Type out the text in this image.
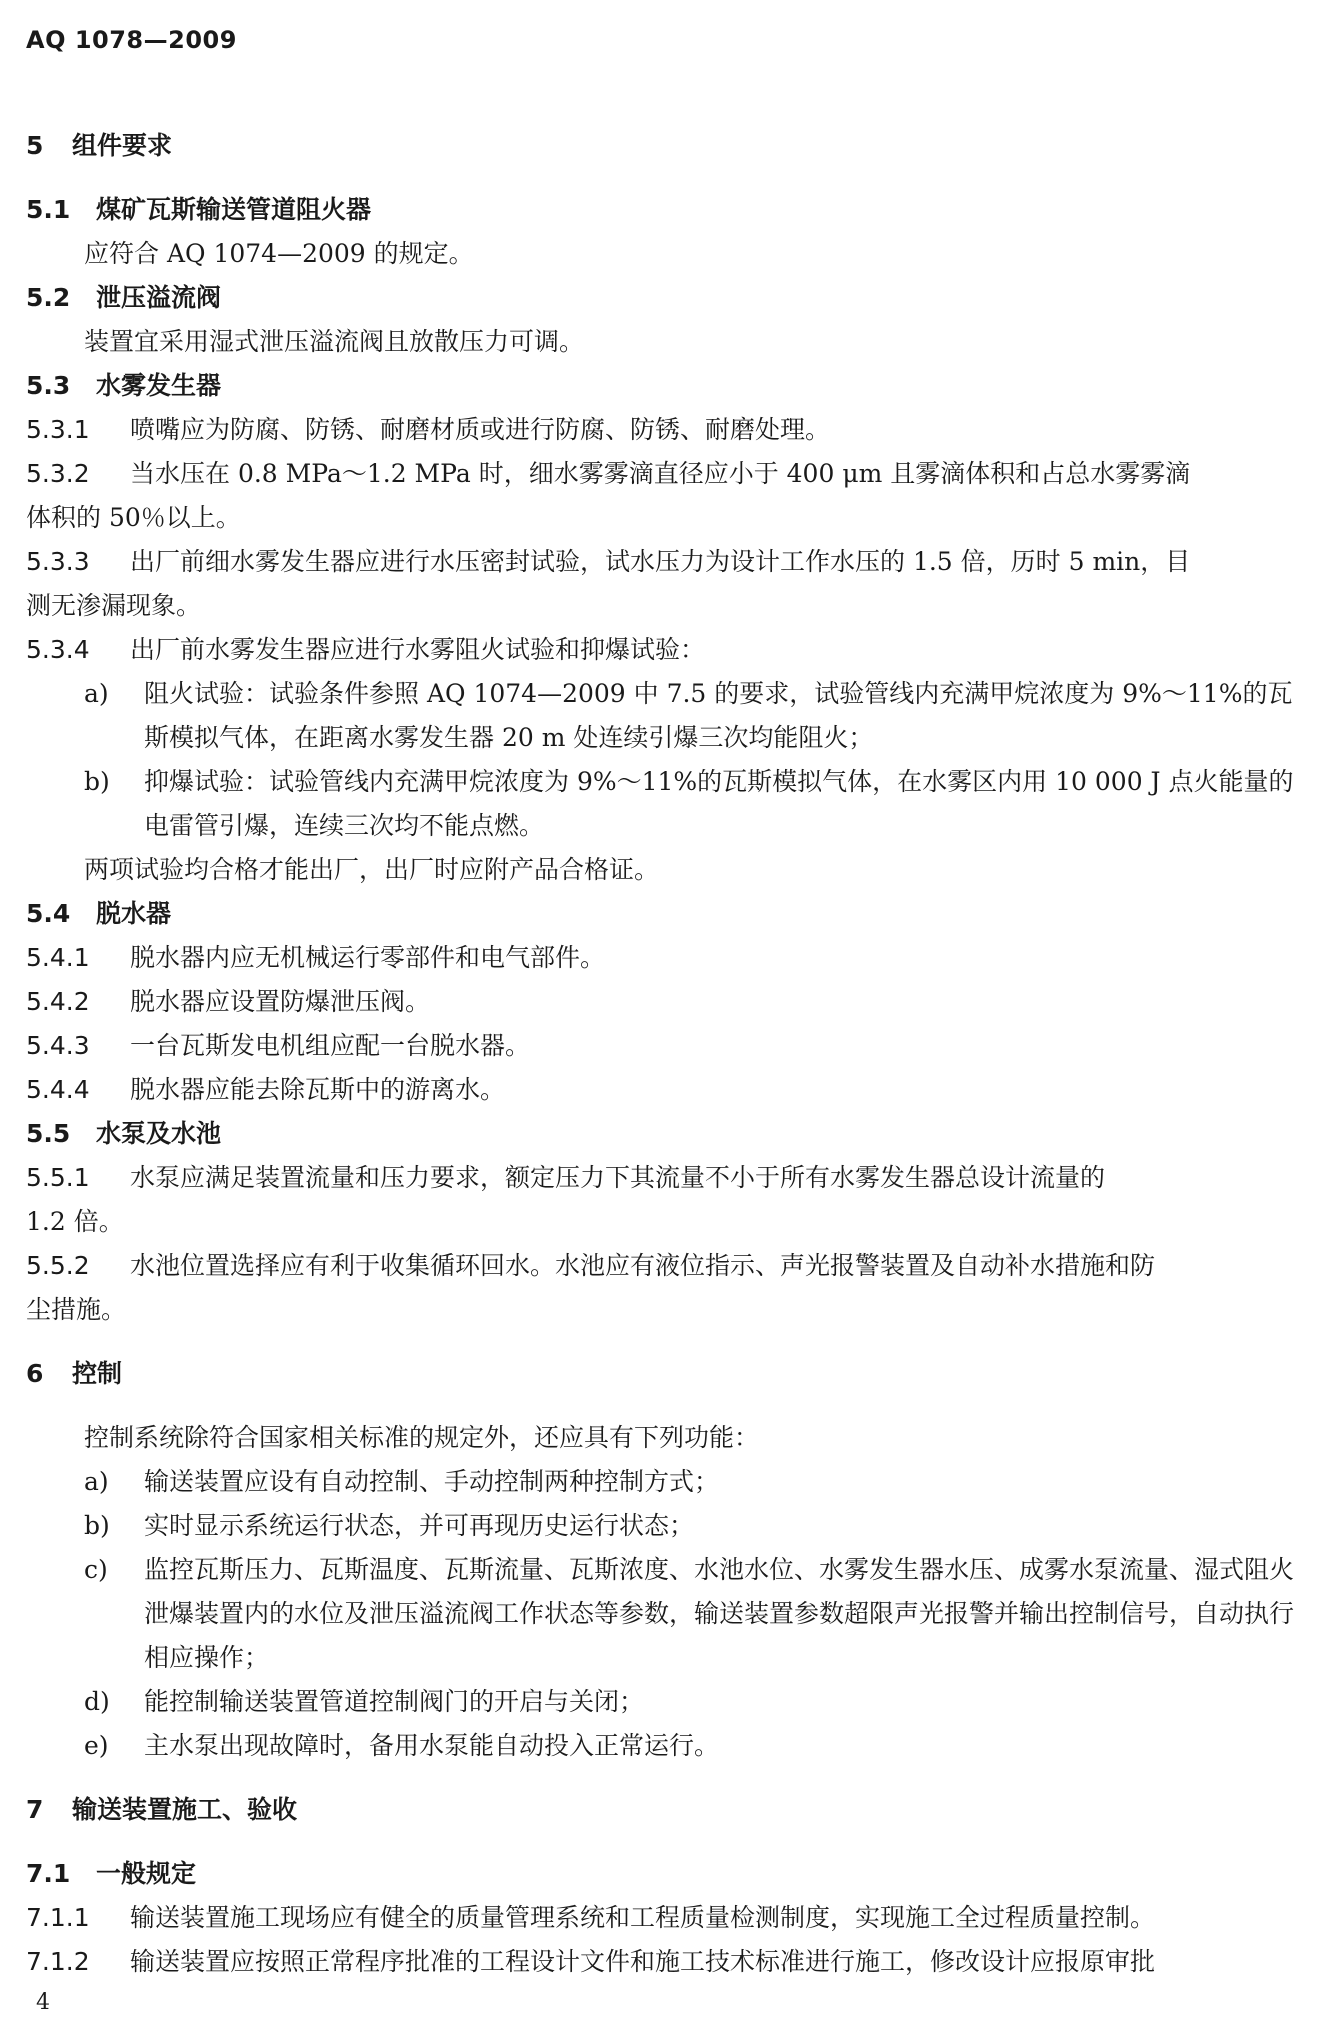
AQ 1078—2009
5 组件要求
5.1 煤矿瓦斯输送管道阻火器
应符合 AQ 1074—2009 的规定。
5.2 泄压溢流阀
装置宜采用湿式泄压溢流阀且放散压力可调。
5.3 水雾发生器
5.3.1 喷嘴应为防腐、防锈、耐磨材质或进行防腐、防锈、耐磨处理。
5.3.2 当水压在 0.8 MPa～1.2 MPa 时，细水雾雾滴直径应小于 400 μm 且雾滴体积和占总水雾雾滴
体积的 50％以上。
5.3.3 出厂前细水雾发生器应进行水压密封试验，试水压力为设计工作水压的 1.5 倍，历时 5 min，目
测无渗漏现象。
5.3.4 出厂前水雾发生器应进行水雾阻火试验和抑爆试验：
a)	阻火试验：试验条件参照 AQ 1074—2009 中 7.5 的要求，试验管线内充满甲烷浓度为 9%～11%的瓦斯模拟气体，在距离水雾发生器 20 m 处连续引爆三次均能阻火；
b)	抑爆试验：试验管线内充满甲烷浓度为 9%～11%的瓦斯模拟气体，在水雾区内用 10 000 J 点火能量的电雷管引爆，连续三次均不能点燃。
两项试验均合格才能出厂，出厂时应附产品合格证。
5.4 脱水器
5.4.1 脱水器内应无机械运行零部件和电气部件。
5.4.2 脱水器应设置防爆泄压阀。
5.4.3 一台瓦斯发电机组应配一台脱水器。
5.4.4 脱水器应能去除瓦斯中的游离水。
5.5 水泵及水池
5.5.1 水泵应满足装置流量和压力要求，额定压力下其流量不小于所有水雾发生器总设计流量的
1.2 倍。
5.5.2 水池位置选择应有利于收集循环回水。水池应有液位指示、声光报警装置及自动补水措施和防
尘措施。
6 控制
控制系统除符合国家相关标准的规定外，还应具有下列功能：
a)	输送装置应设有自动控制、手动控制两种控制方式；
b)	实时显示系统运行状态，并可再现历史运行状态；
c)	监控瓦斯压力、瓦斯温度、瓦斯流量、瓦斯浓度、水池水位、水雾发生器水压、成雾水泵流量、湿式阻火泄爆装置内的水位及泄压溢流阀工作状态等参数，输送装置参数超限声光报警并输出控制信号，自动执行相应操作；
d)	能控制输送装置管道控制阀门的开启与关闭；
e)	主水泵出现故障时，备用水泵能自动投入正常运行。
7 输送装置施工、验收
7.1 一般规定
7.1.1 输送装置施工现场应有健全的质量管理系统和工程质量检测制度，实现施工全过程质量控制。
7.1.2 输送装置应按照正常程序批准的工程设计文件和施工技术标准进行施工，修改设计应报原审批
4
